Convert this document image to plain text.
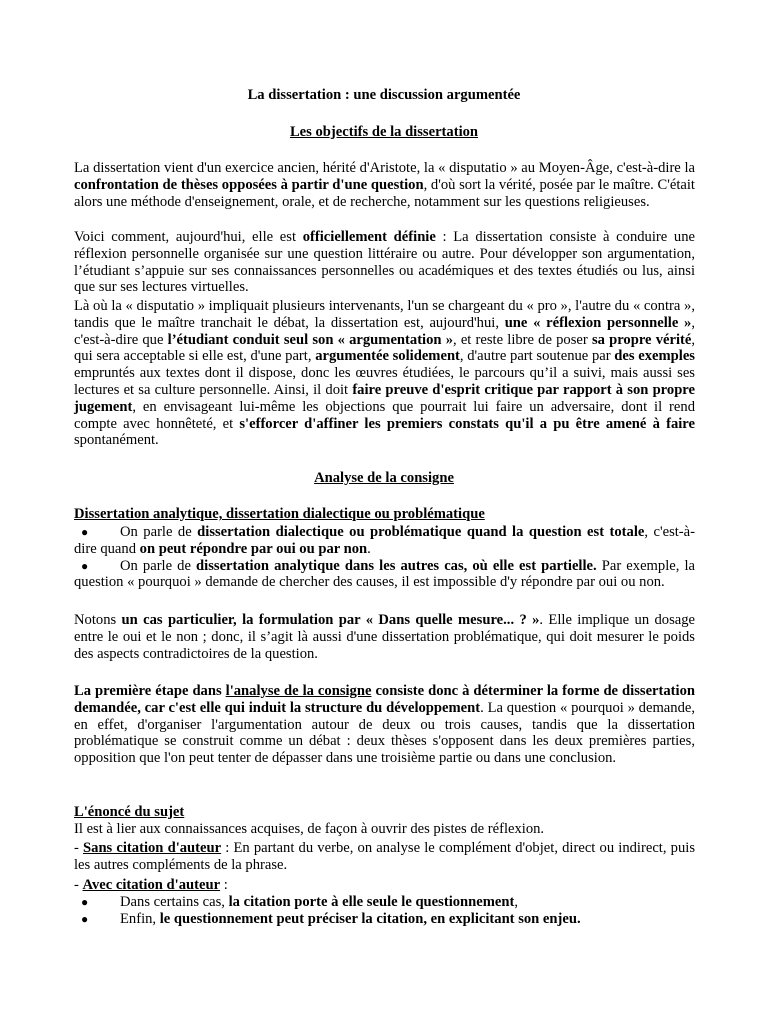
La dissertation : une discussion argumentée

Les objectifs de la dissertation

La dissertation vient d'un exercice ancien, hérité d'Aristote, la « disputatio » au Moyen-Âge, c'est-à-dire la confrontation de thèses opposées à partir d'une question, d'où sort la vérité, posée par le maître. C'était alors une méthode d'enseignement, orale, et de recherche, notamment sur les questions religieuses.

Voici comment, aujourd'hui, elle est officiellement définie : La dissertation consiste à conduire une réflexion personnelle organisée sur une question littéraire ou autre. Pour développer son argumentation, l’étudiant s’appuie sur ses connaissances personnelles ou académiques et des textes étudiés ou lus, ainsi que sur ses lectures virtuelles.

Là où la « disputatio » impliquait plusieurs intervenants, l'un se chargeant du « pro », l'autre du « contra », tandis que le maître tranchait le débat, la dissertation est, aujourd'hui, une « réflexion personnelle », c'est-à-dire que l’étudiant conduit seul son « argumentation », et reste libre de poser sa propre vérité, qui sera acceptable si elle est, d'une part, argumentée solidement, d'autre part soutenue par des exemples empruntés aux textes dont il dispose, donc les œuvres étudiées, le parcours qu’il a suivi, mais aussi ses lectures et sa culture personnelle. Ainsi, il doit faire preuve d'esprit critique par rapport à son propre jugement, en envisageant lui-même les objections que pourrait lui faire un adversaire, dont il rend compte avec honnêteté, et s'efforcer d'affiner les premiers constats qu'il a pu être amené à faire spontanément.

Analyse de la consigne

Dissertation analytique, dissertation dialectique ou problématique

● On parle de dissertation dialectique ou problématique quand la question est totale, c'est-à-dire quand on peut répondre par oui ou par non.
● On parle de dissertation analytique dans les autres cas, où elle est partielle. Par exemple, la question « pourquoi » demande de chercher des causes, il est impossible d'y répondre par oui ou non.

Notons un cas particulier, la formulation par « Dans quelle mesure... ? ». Elle implique un dosage entre le oui et le non ; donc, il s’agit là aussi d'une dissertation problématique, qui doit mesurer le poids des aspects contradictoires de la question.

La première étape dans l'analyse de la consigne consiste donc à déterminer la forme de dissertation demandée, car c'est elle qui induit la structure du développement. La question « pourquoi » demande, en effet, d'organiser l'argumentation autour de deux ou trois causes, tandis que la dissertation problématique se construit comme un débat : deux thèses s'opposent dans les deux premières parties, opposition que l'on peut tenter de dépasser dans une troisième partie ou dans une conclusion.

L'énoncé du sujet

Il est à lier aux connaissances acquises, de façon à ouvrir des pistes de réflexion.

- Sans citation d'auteur : En partant du verbe, on analyse le complément d'objet, direct ou indirect, puis les autres compléments de la phrase.

- Avec citation d'auteur :

● Dans certains cas, la citation porte à elle seule le questionnement,
● Enfin, le questionnement peut préciser la citation, en explicitant son enjeu.
